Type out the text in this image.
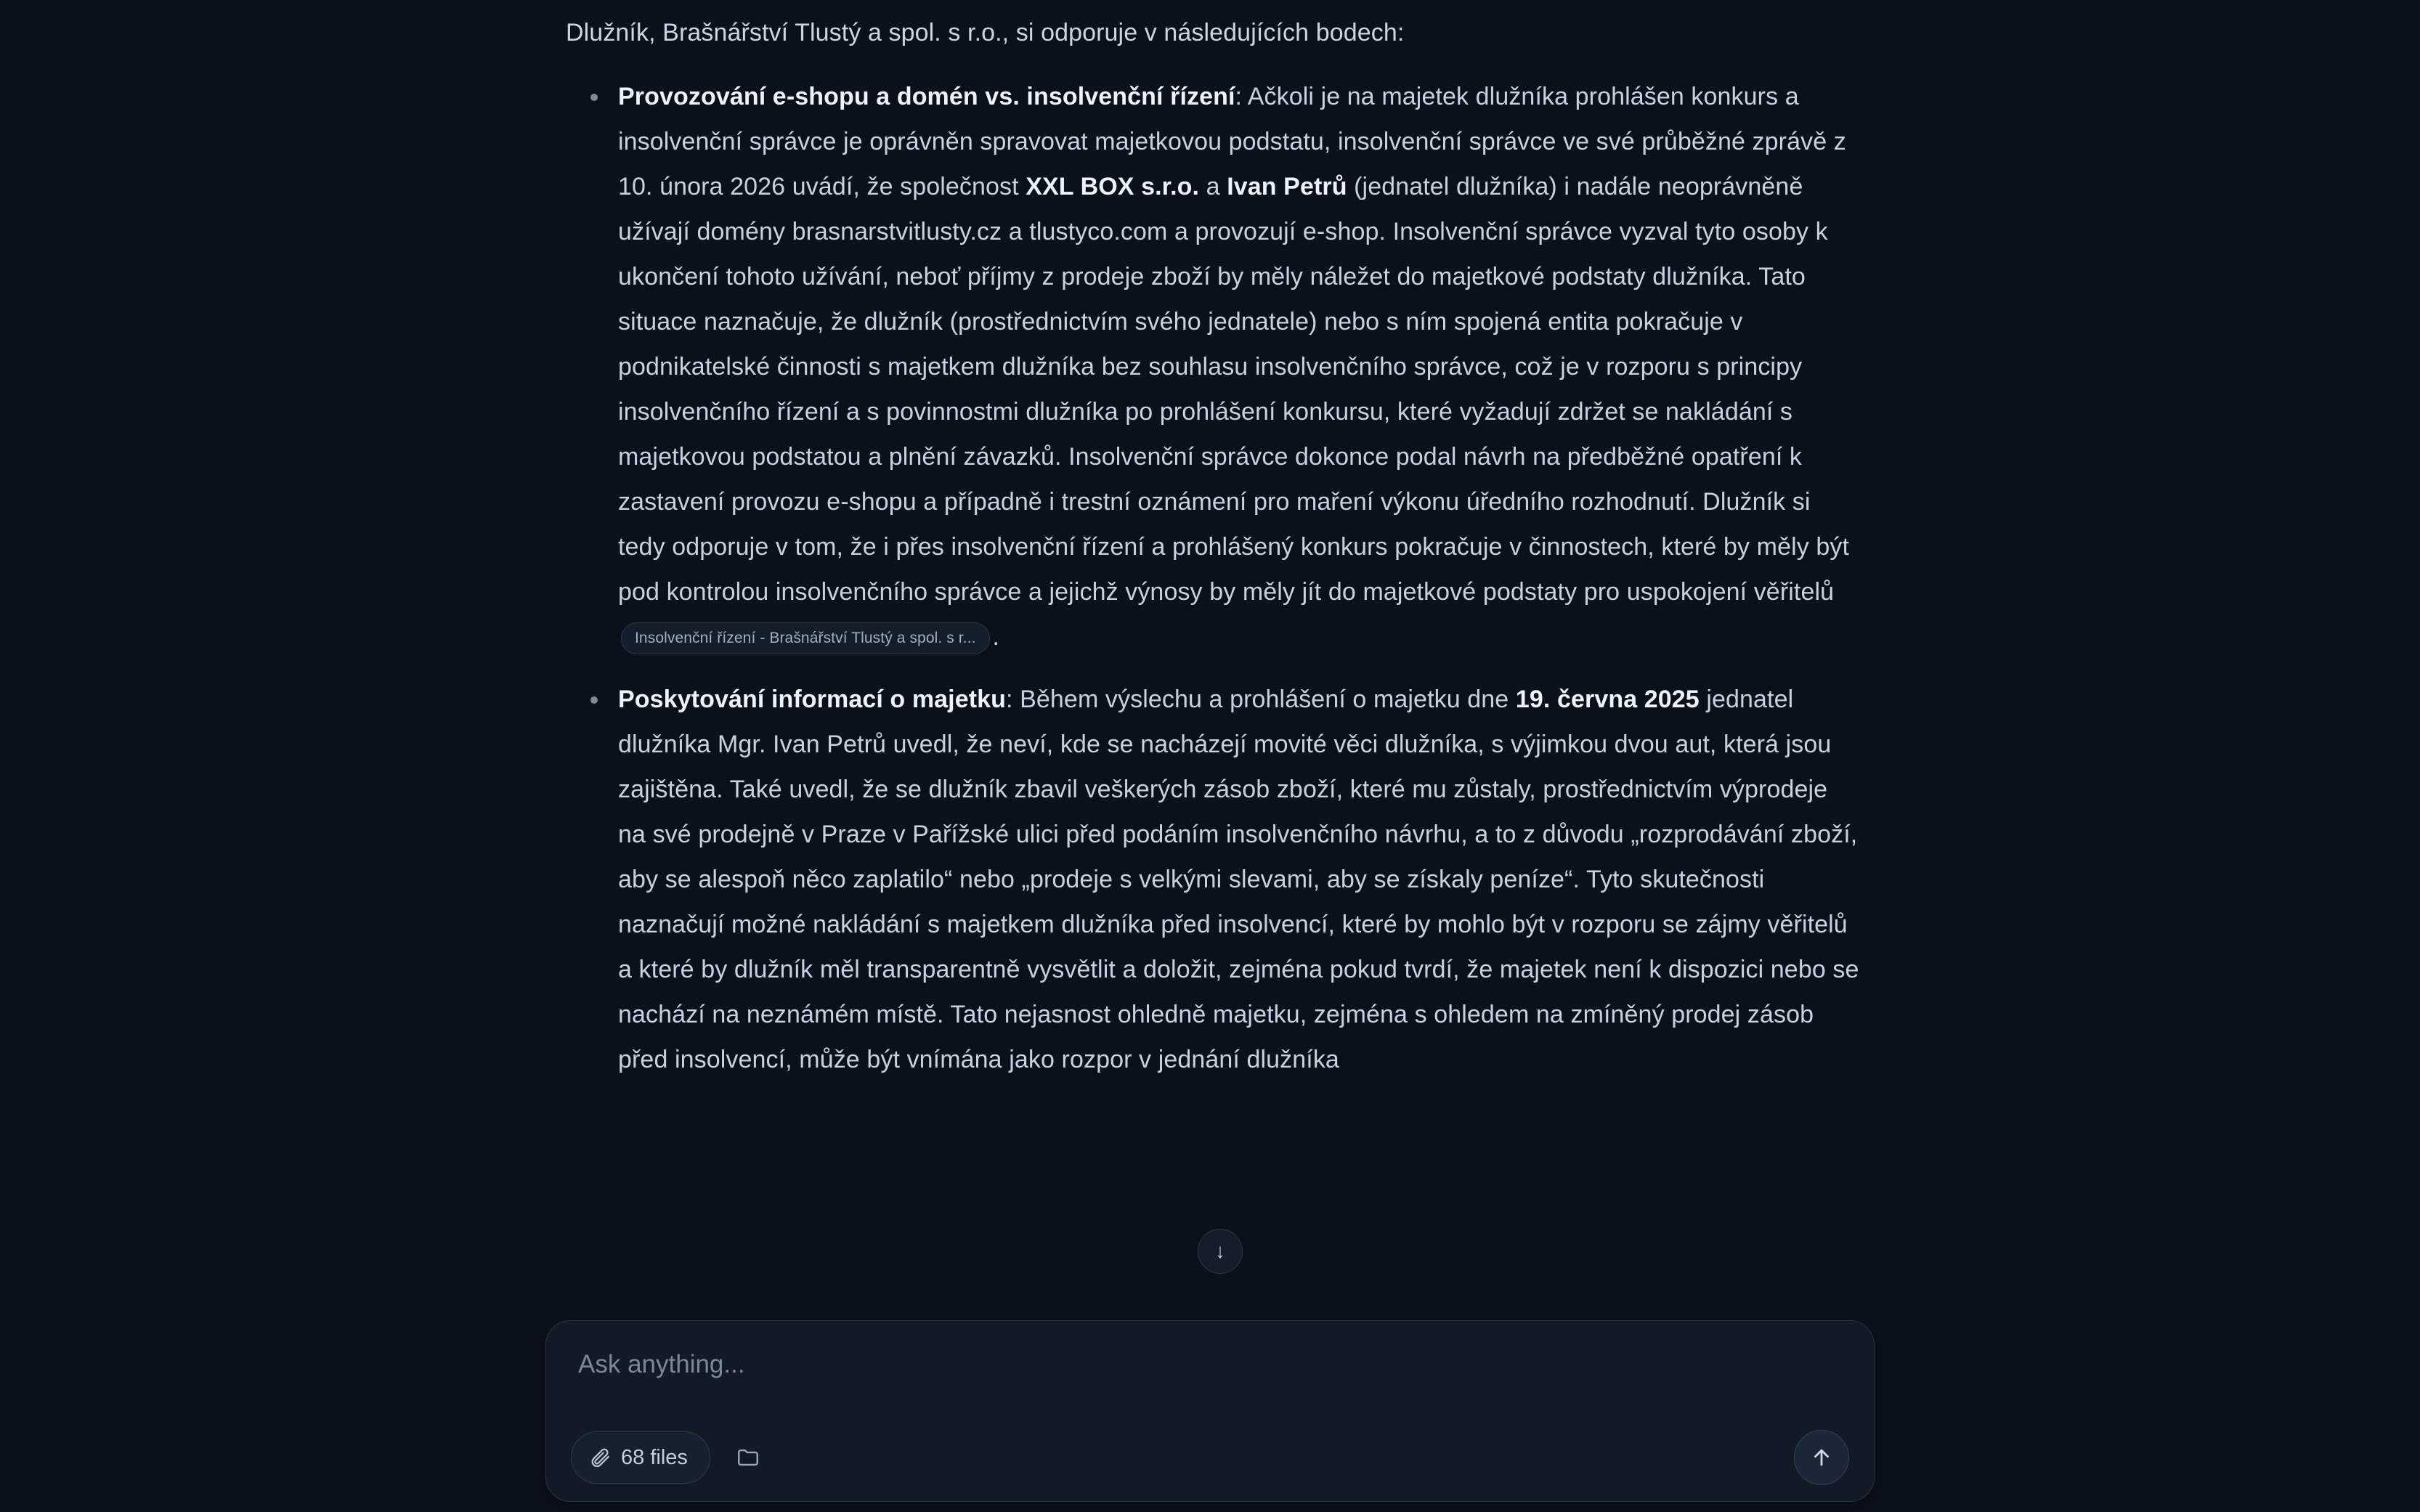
Dlužník, Brašnářství Tlustý a spol. s r.o., si odporuje v následujících bodech:

Provozování e-shopu a domén vs. insolvenční řízení: Ačkoli je na majetek dlužníka prohlášen konkurs a insolvenční správce je oprávněn spravovat majetkovou podstatu, insolvenční správce ve své průběžné zprávě z 10. února 2026 uvádí, že společnost XXL BOX s.r.o. a Ivan Petrů (jednatel dlužníka) i nadále neoprávněně užívají domény brasnarstvitlusty.cz a tlustyco.com a provozují e-shop. Insolvenční správce vyzval tyto osoby k ukončení tohoto užívání, neboť příjmy z prodeje zboží by měly náležet do majetkové podstaty dlužníka. Tato situace naznačuje, že dlužník (prostřednictvím svého jednatele) nebo s ním spojená entita pokračuje v podnikatelské činnosti s majetkem dlužníka bez souhlasu insolvenčního správce, což je v rozporu s principy insolvenčního řízení a s povinnostmi dlužníka po prohlášení konkursu, které vyžadují zdržet se nakládání s majetkovou podstatou a plnění závazků. Insolvenční správce dokonce podal návrh na předběžné opatření k zastavení provozu e-shopu a případně i trestní oznámení pro maření výkonu úředního rozhodnutí. Dlužník si tedy odporuje v tom, že i přes insolvenční řízení a prohlášený konkurs pokračuje v činnostech, které by měly být pod kontrolou insolvenčního správce a jejichž výnosy by měly jít do majetkové podstaty pro uspokojení věřitelů Insolvenční řízení - Brašnářství Tlustý a spol. s r... .
Poskytování informací o majetku: Během výslechu a prohlášení o majetku dne 19. června 2025 jednatel dlužníka Mgr. Ivan Petrů uvedl, že neví, kde se nacházejí movité věci dlužníka, s výjimkou dvou aut, která jsou zajištěna. Také uvedl, že se dlužník zbavil veškerých zásob zboží, které mu zůstaly, prostřednictvím výprodeje na své prodejně v Praze v Pařížské ulici před podáním insolvenčního návrhu, a to z důvodu „rozprodávání zboží, aby se alespoň něco zaplatilo“ nebo „prodeje s velkými slevami, aby se získaly peníze“. Tyto skutečnosti naznačují možné nakládání s majetkem dlužníka před insolvencí, které by mohlo být v rozporu se zájmy věřitelů a které by dlužník měl transparentně vysvětlit a doložit, zejména pokud tvrdí, že majetek není k dispozici nebo se nachází na neznámém místě. Tato nejasnost ohledně majetku, zejména s ohledem na zmíněný prodej zásob před insolvencí, může být vnímána jako rozpor v jednání dlužníka
↓
Ask anything...
68 files
